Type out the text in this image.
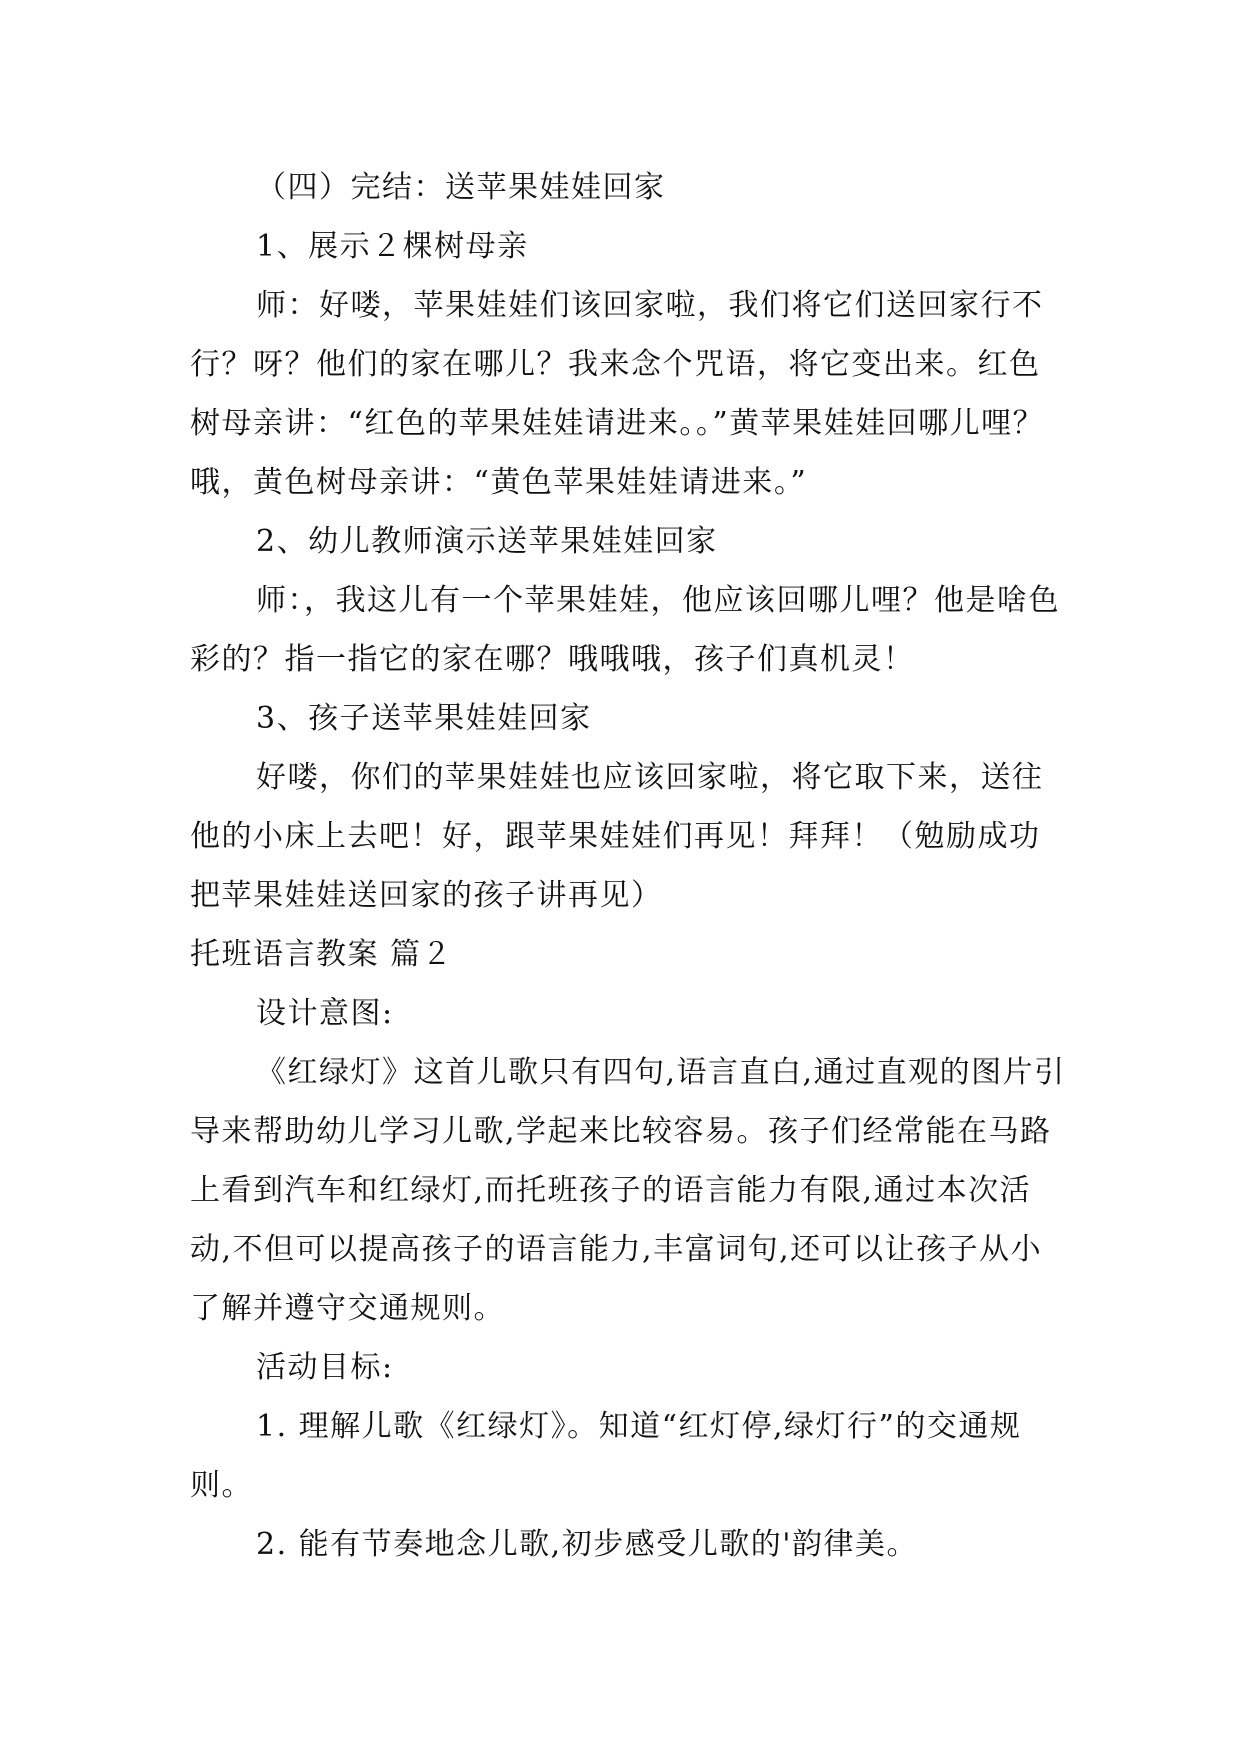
（四）完结：送苹果娃娃回家

1、展示２棵树母亲

师：好喽，苹果娃娃们该回家啦，我们将它们送回家行不行？呀？他们的家在哪儿？我来念个咒语，将它变出来。红色树母亲讲：“红色的苹果娃娃请进来。。”黄苹果娃娃回哪儿哩？哦，黄色树母亲讲：“黄色苹果娃娃请进来。”

2、幼儿教师演示送苹果娃娃回家

师：，我这儿有一个苹果娃娃，他应该回哪儿哩？他是啥色彩的？指一指它的家在哪？哦哦哦，孩子们真机灵！

3、孩子送苹果娃娃回家

好喽，你们的苹果娃娃也应该回家啦，将它取下来，送往他的小床上去吧！好，跟苹果娃娃们再见！拜拜！（勉励成功把苹果娃娃送回家的孩子讲再见）

托班语言教案 篇２

设计意图:

《红绿灯》这首儿歌只有四句,语言直白,通过直观的图片引导来帮助幼儿学习儿歌,学起来比较容易。孩子们经常能在马路上看到汽车和红绿灯,而托班孩子的语言能力有限,通过本次活动,不但可以提高孩子的语言能力,丰富词句,还可以让孩子从小了解并遵守交通规则。

活动目标:

1. 理解儿歌《红绿灯》。知道“红灯停,绿灯行”的交通规则。

2. 能有节奏地念儿歌,初步感受儿歌的'韵律美。
